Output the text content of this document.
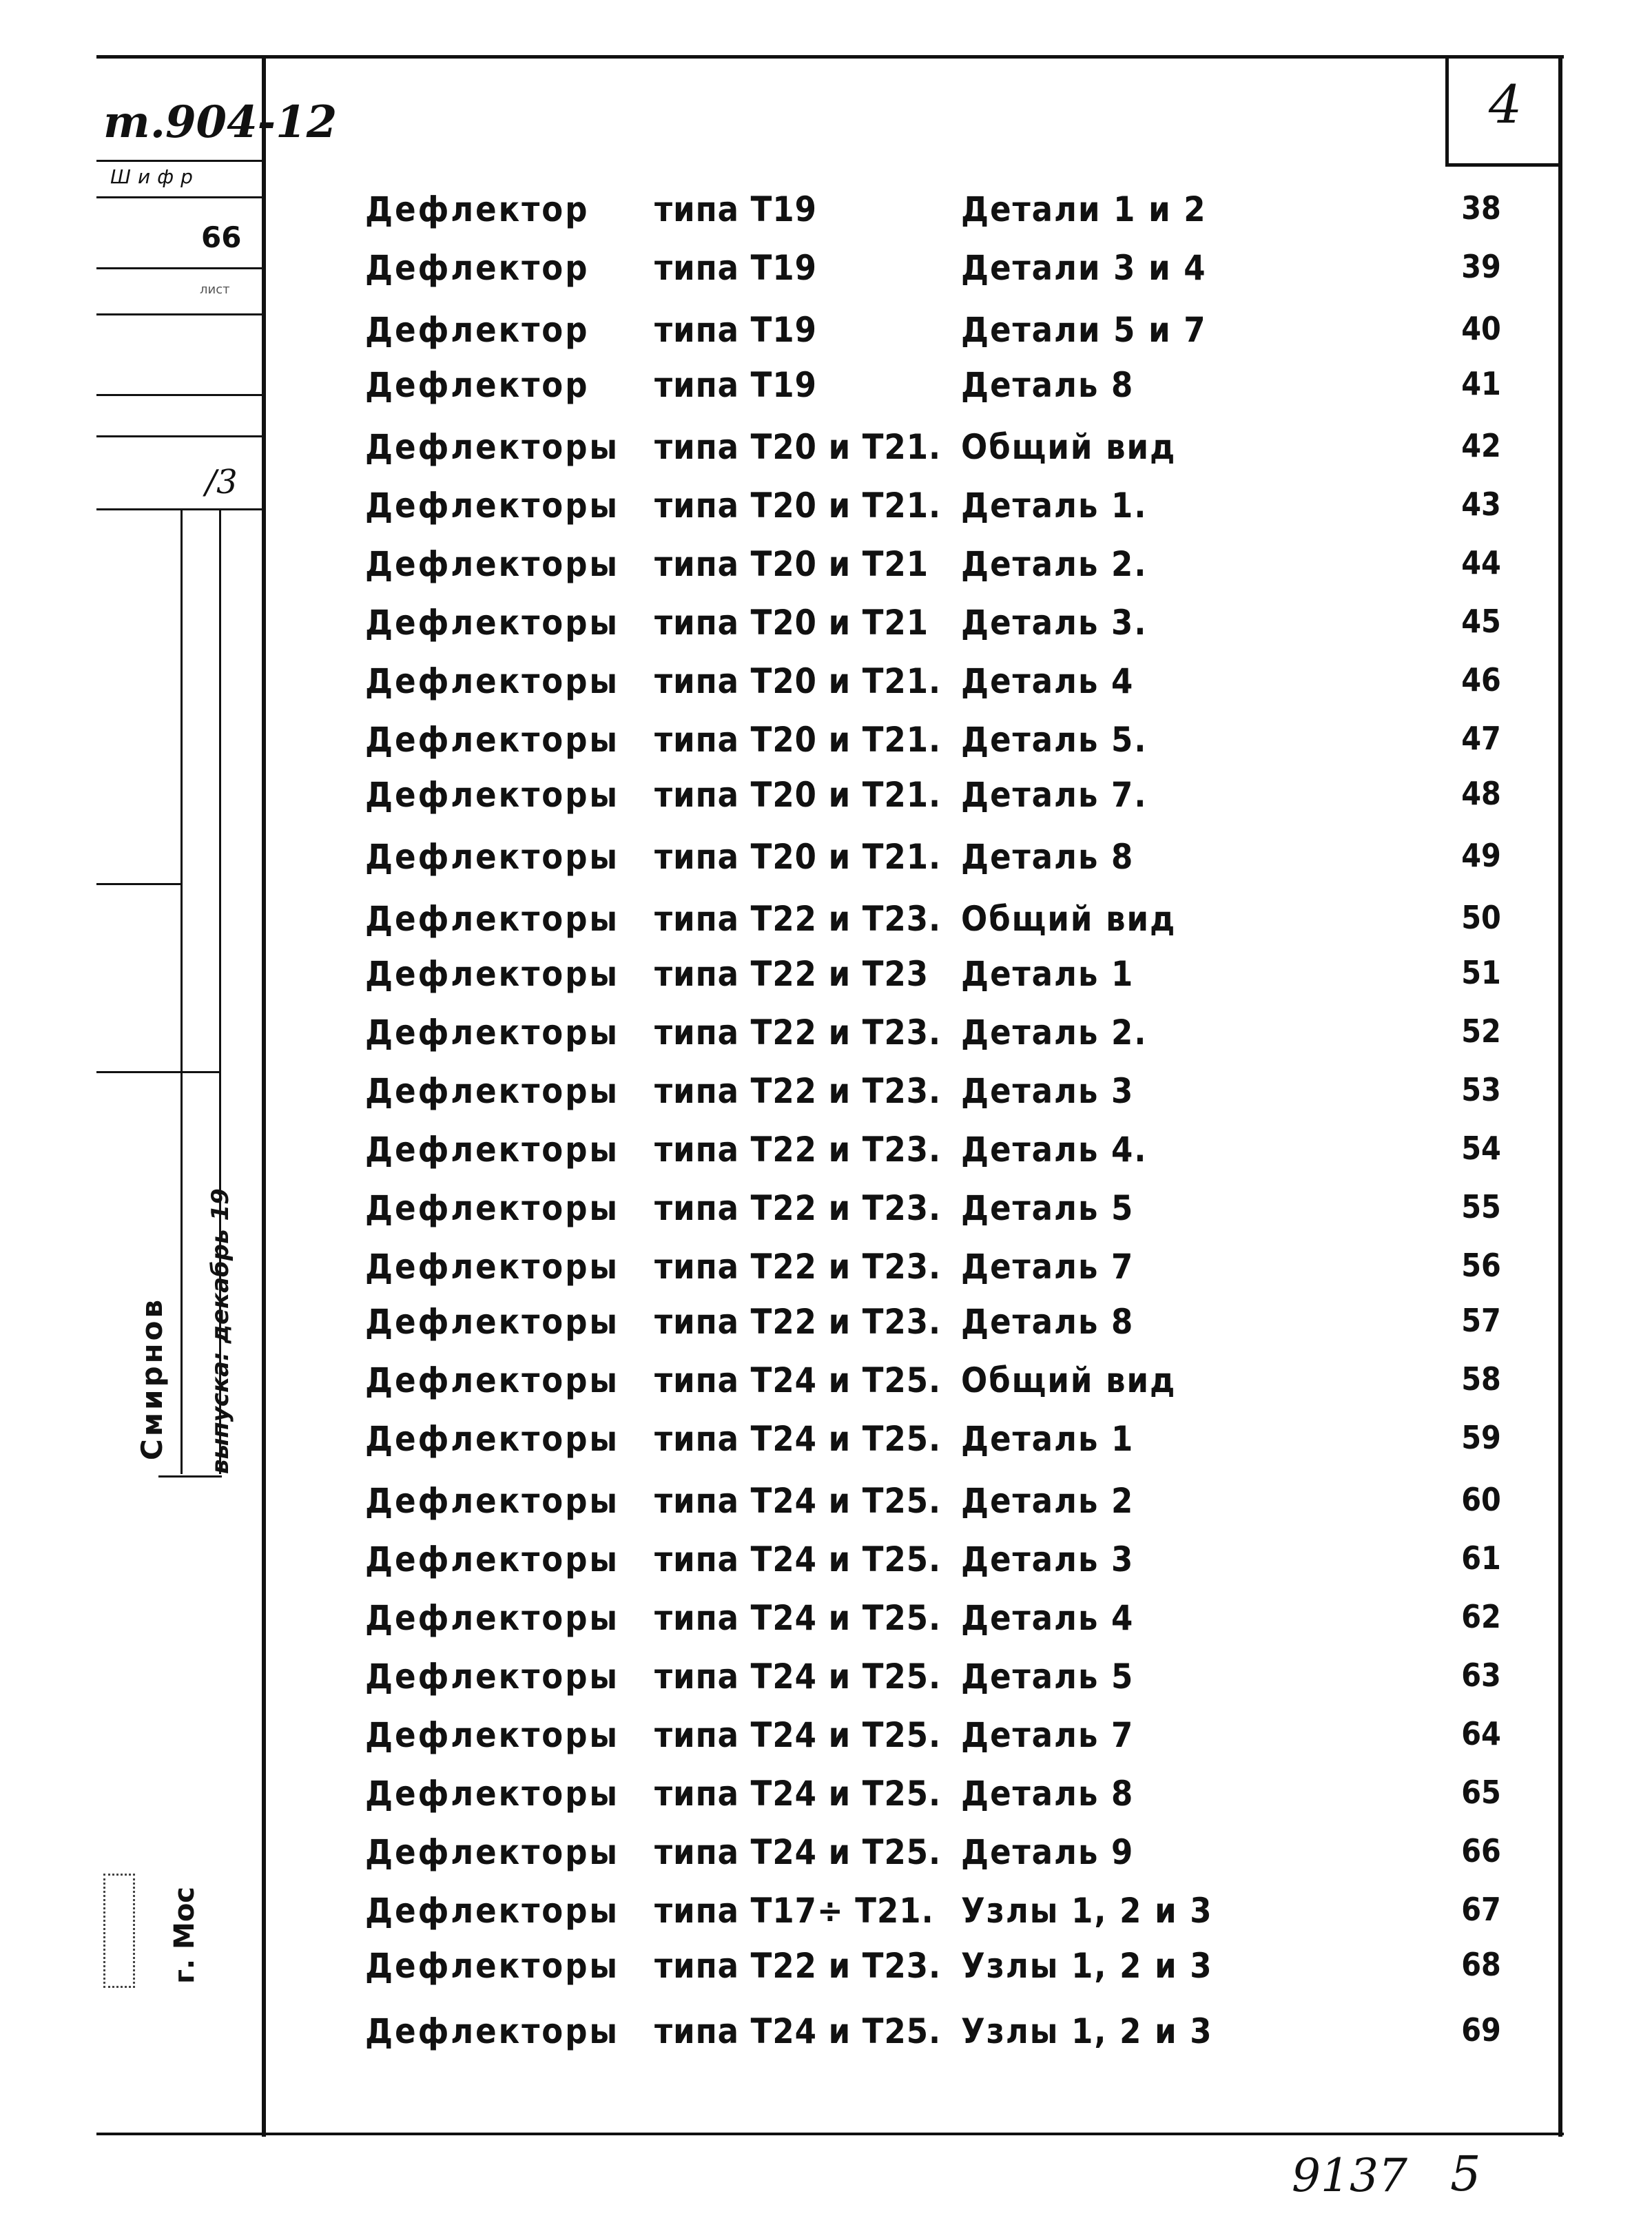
4
т.904-12
Шифр
66
лист
/3
Смирнов выпуска: декабрь 19
г. Мос
Дефлектор типа Т19	Детали 1 и 2	38
Дефлектор типа Т19	Детали 3 и 4	39
Дефлектор типа Т19	Детали 5 и 7	40
Дефлектор типа Т19	Деталь 8	41
Дефлекторы типа Т20 и Т21. Общий вид	42
Дефлекторы типа Т20 и Т21. Деталь 1.	43
Дефлекторы типа Т20 и Т21 Деталь 2.	44
Дефлекторы типа Т20 и Т21 Деталь 3.	45
Дефлекторы типа Т20 и Т21. Деталь 4	46
Дефлекторы типа Т20 и Т21. Деталь 5.	47
Дефлекторы типа Т20 и Т21. Деталь 7.	48
Дефлекторы типа Т20 и Т21. Деталь 8	49
Дефлекторы типа Т22 и Т23. Общий вид	50
Дефлекторы типа Т22 и Т23 Деталь 1	51
Дефлекторы типа Т22 и Т23. Деталь 2.	52
Дефлекторы типа Т22 и Т23. Деталь 3	53
Дефлекторы типа Т22 и Т23. Деталь 4.	54
Дефлекторы типа Т22 и Т23. Деталь 5	55
Дефлекторы типа Т22 и Т23. Деталь 7	56
Дефлекторы типа Т22 и Т23. Деталь 8	57
Дефлекторы типа Т24 и Т25. Общий вид	58
Дефлекторы типа Т24 и Т25. Деталь 1	59
Дефлекторы типа Т24 и Т25. Деталь 2	60
Дефлекторы типа Т24 и Т25. Деталь 3	61
Дефлекторы типа Т24 и Т25. Деталь 4	62
Дефлекторы типа Т24 и Т25. Деталь 5	63
Дефлекторы типа Т24 и Т25. Деталь 7	64
Дефлекторы типа Т24 и Т25. Деталь 8	65
Дефлекторы типа Т24 и Т25. Деталь 9	66
Дефлекторы типа Т17÷ Т21. Узлы 1, 2 и 3	67
Дефлекторы типа Т22 и Т23. Узлы 1, 2 и 3	68
Дефлекторы типа Т24 и Т25. Узлы 1, 2 и 3	69
9137 5
